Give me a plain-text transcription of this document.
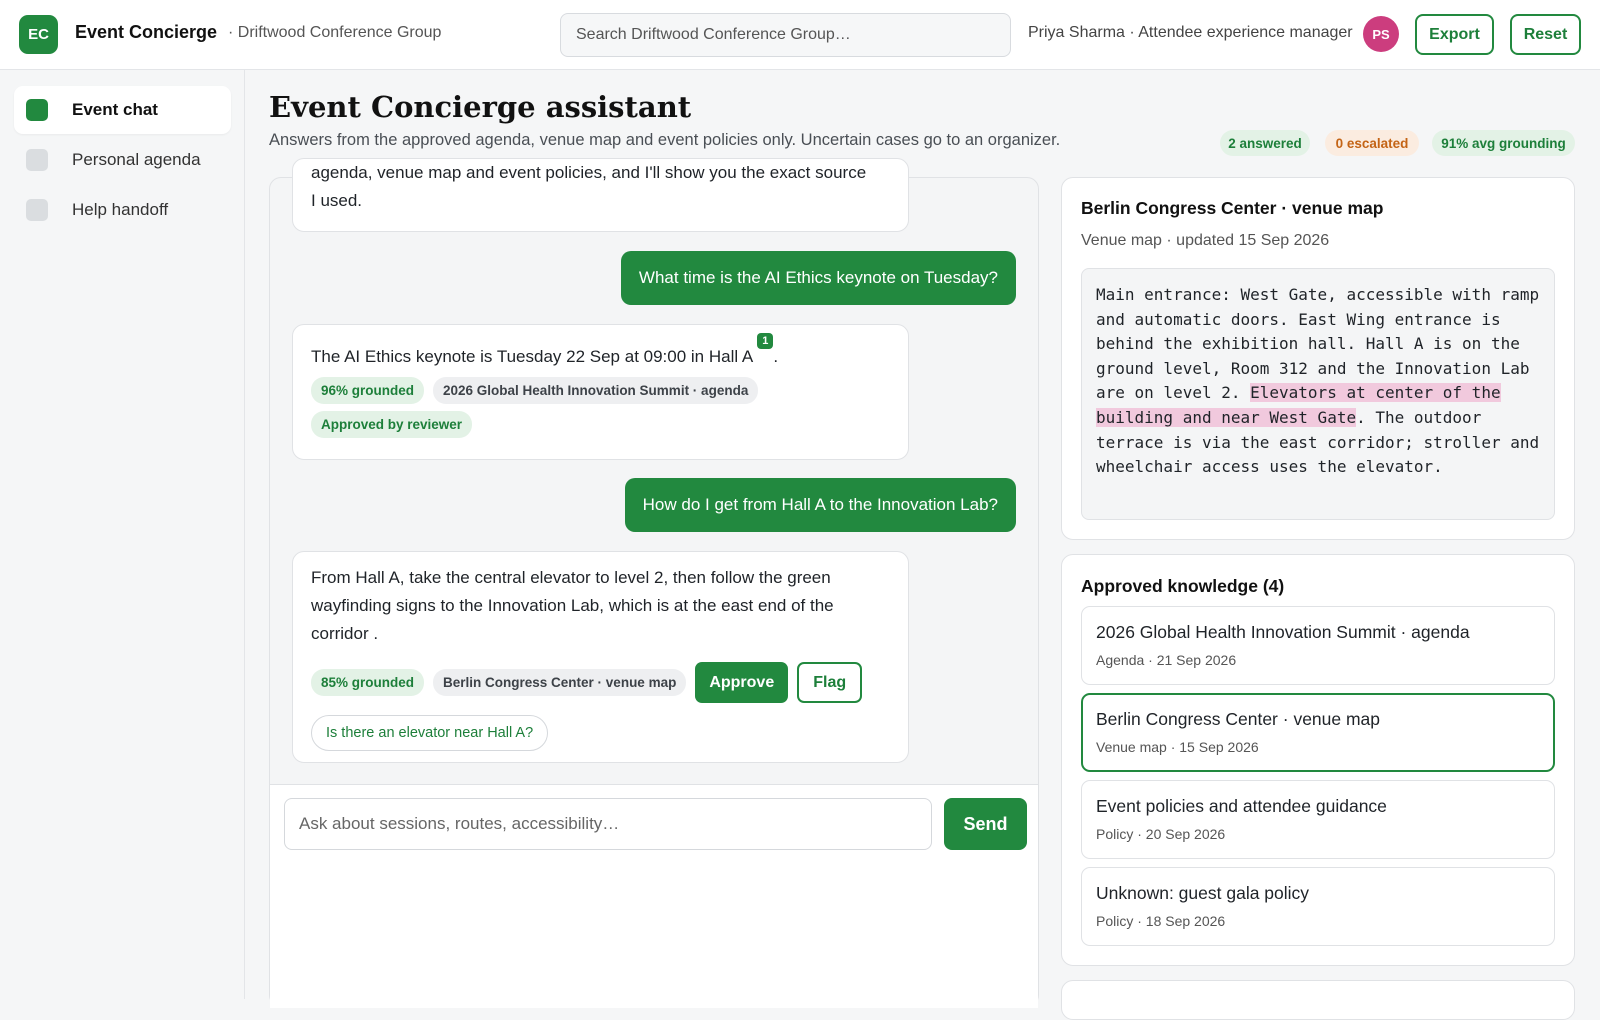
EC	Event Concierge · Driftwood Conference Group
Search Driftwood Conference Group…	Priya Sharma · Attendee experience manager	PS	Export	Reset
Event chat
Personal agenda
Help handoff
Event Concierge assistant
Answers from the approved agenda, venue map and event policies only. Uncertain cases go to an organizer.	2 answered	0 escalated	91% avg grounding
agenda, venue map and event policies, and I'll show you the exact source
I used.
What time is the AI Ethics keynote on Tuesday?
The AI Ethics keynote is Tuesday 22 Sep at 09:00 in Hall A1.
96% grounded	2026 Global Health Innovation Summit · agenda
Approved by reviewer
How do I get from Hall A to the Innovation Lab?
From Hall A, take the central elevator to level 2, then follow the green wayfinding signs to the Innovation Lab, which is at the east end of the corridor .
85% grounded	Berlin Congress Center · venue map	Approve	Flag
Is there an elevator near Hall A?
Ask about sessions, routes, accessibility…
Send
Berlin Congress Center · venue map
Venue map · updated 15 Sep 2026
Main entrance: West Gate, accessible with ramp and automatic doors. East Wing entrance is behind the exhibition hall. Hall A is on the ground level, Room 312 and the Innovation Lab are on level 2. Elevators at center of the building and near West Gate. The outdoor terrace is via the east corridor; stroller and wheelchair access uses the elevator.
Approved knowledge (4)
2026 Global Health Innovation Summit · agenda
Agenda · 21 Sep 2026
Berlin Congress Center · venue map
Venue map · 15 Sep 2026
Event policies and attendee guidance
Policy · 20 Sep 2026
Unknown: guest gala policy
Policy · 18 Sep 2026
